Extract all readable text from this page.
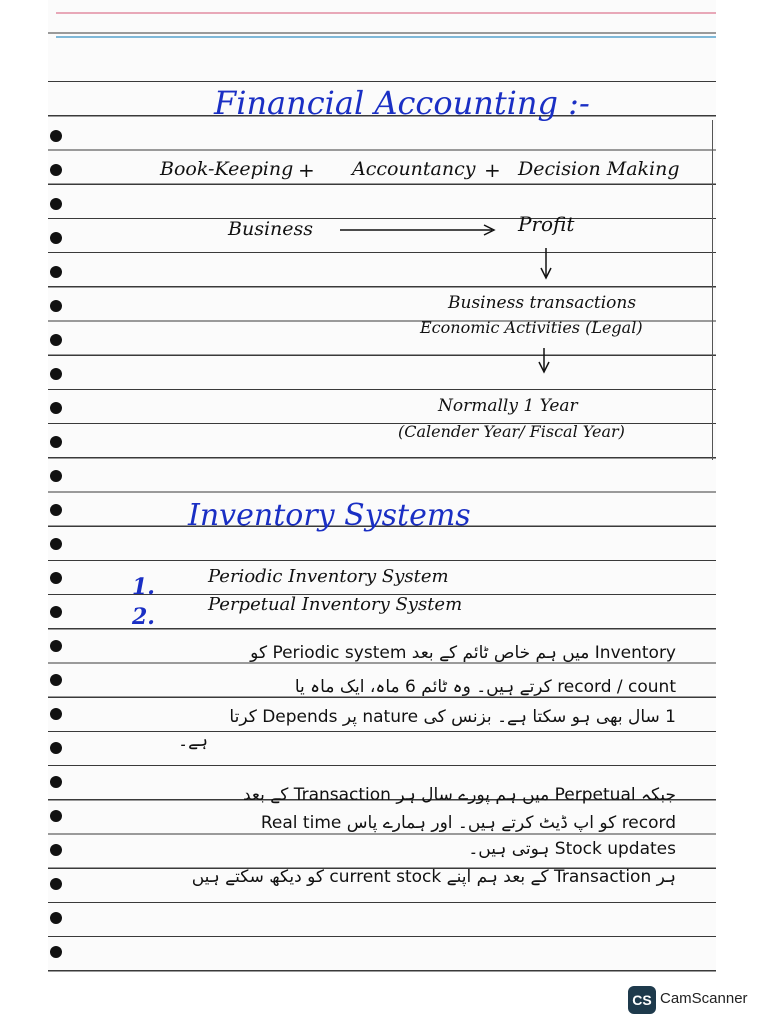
Financial Accounting :-
Book-Keeping + Accountancy + Decision Making
Business	Profit
Business transactions
Economic Activities (Legal)
Normally 1 Year
(Calender Year/ Fiscal Year)
Inventory Systems
1.	Periodic Inventory System
2.	Perpetual Inventory System
Inventory میں ہم خاص ٹائم کے بعد Periodic system کو
record / count کرتے ہیں۔ وہ ٹائم 6 ماہ، ایک ماہ یا
1 سال بھی ہو سکتا ہے۔ بزنس کی nature پر Depends کرتا
ہے۔
جبکہ Perpetual میں ہم پورے سال ہر Transaction کے بعد
record کو اپ ڈیٹ کرتے ہیں۔ اور ہمارے پاس Real time
Stock updates ہوتی ہیں۔
ہر Transaction کے بعد ہم اپنے current stock کو دیکھ سکتے ہیں
CS CamScanner
